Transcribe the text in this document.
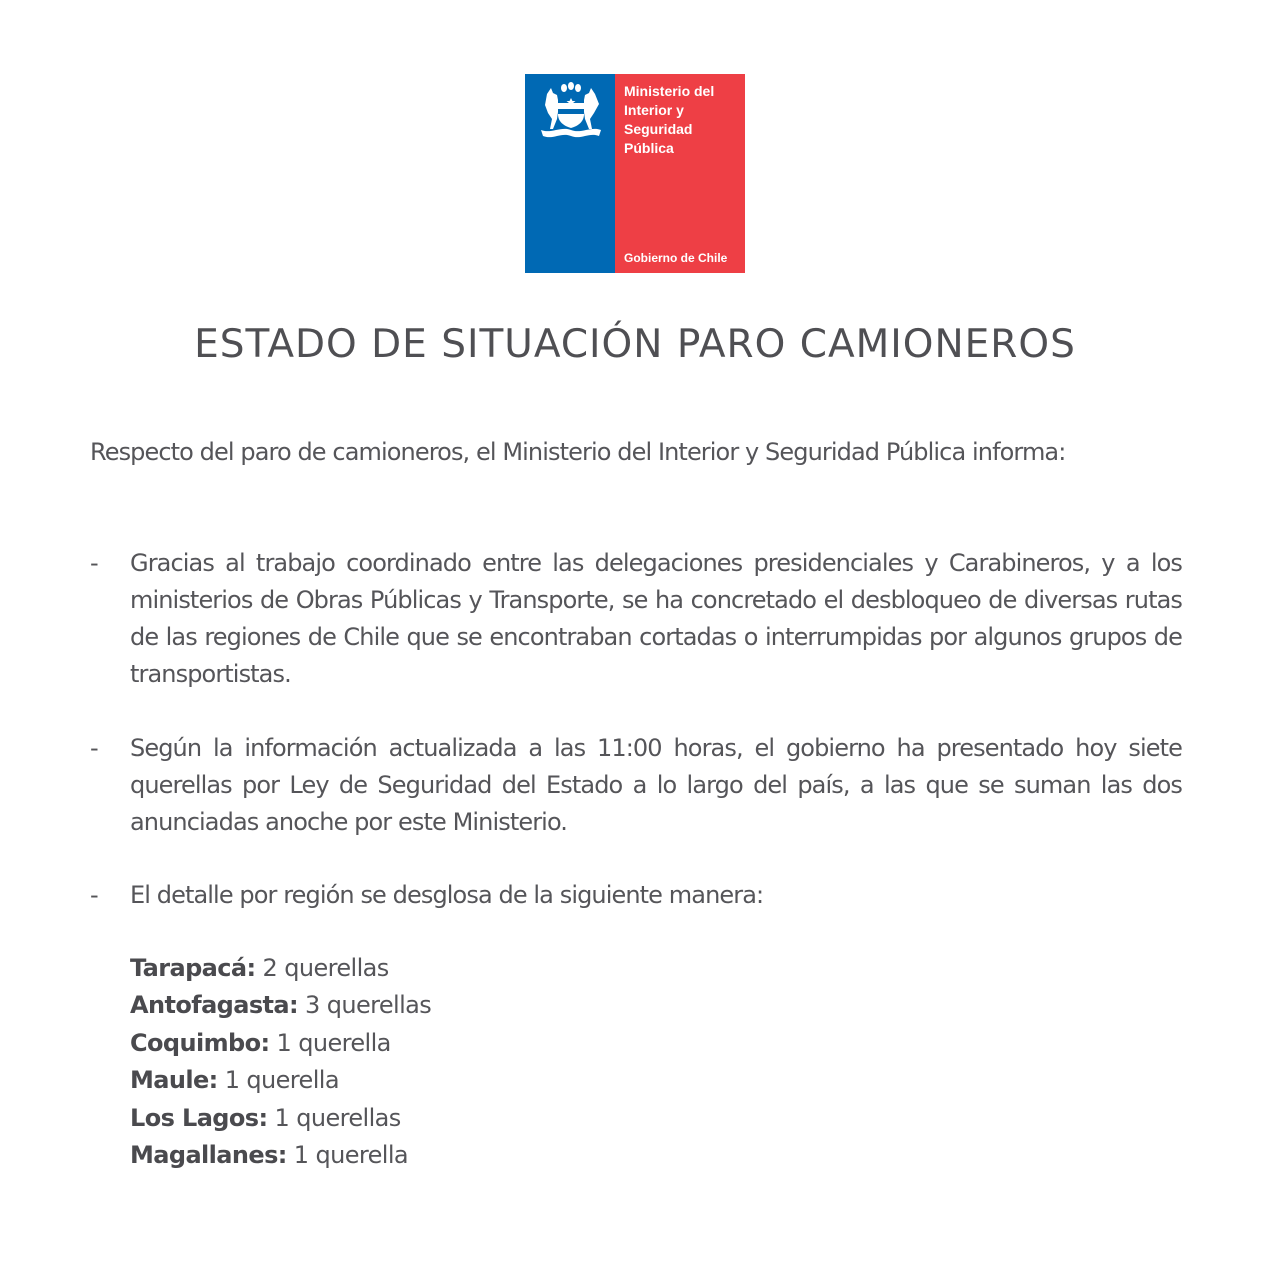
Ministerio del
Interior y
Seguridad
Pública
Gobierno de Chile
ESTADO DE SITUACIÓN PARO CAMIONEROS
Respecto del paro de camioneros, el Ministerio del Interior y Seguridad Pública informa:
- Gracias al trabajo coordinado entre las delegaciones presidenciales y Carabineros, y a los ministerios de Obras Públicas y Transporte, se ha concretado el desbloqueo de diversas rutas de las regiones de Chile que se encontraban cortadas o interrumpidas por algunos grupos de transportistas.
- Según la información actualizada a las 11:00 horas, el gobierno ha presentado hoy siete querellas por Ley de Seguridad del Estado a lo largo del país, a las que se suman las dos anunciadas anoche por este Ministerio.
- El detalle por región se desglosa de la siguiente manera:
Tarapacá: 2 querellas
Antofagasta: 3 querellas
Coquimbo: 1 querella
Maule: 1 querella
Los Lagos: 1 querellas
Magallanes: 1 querella
